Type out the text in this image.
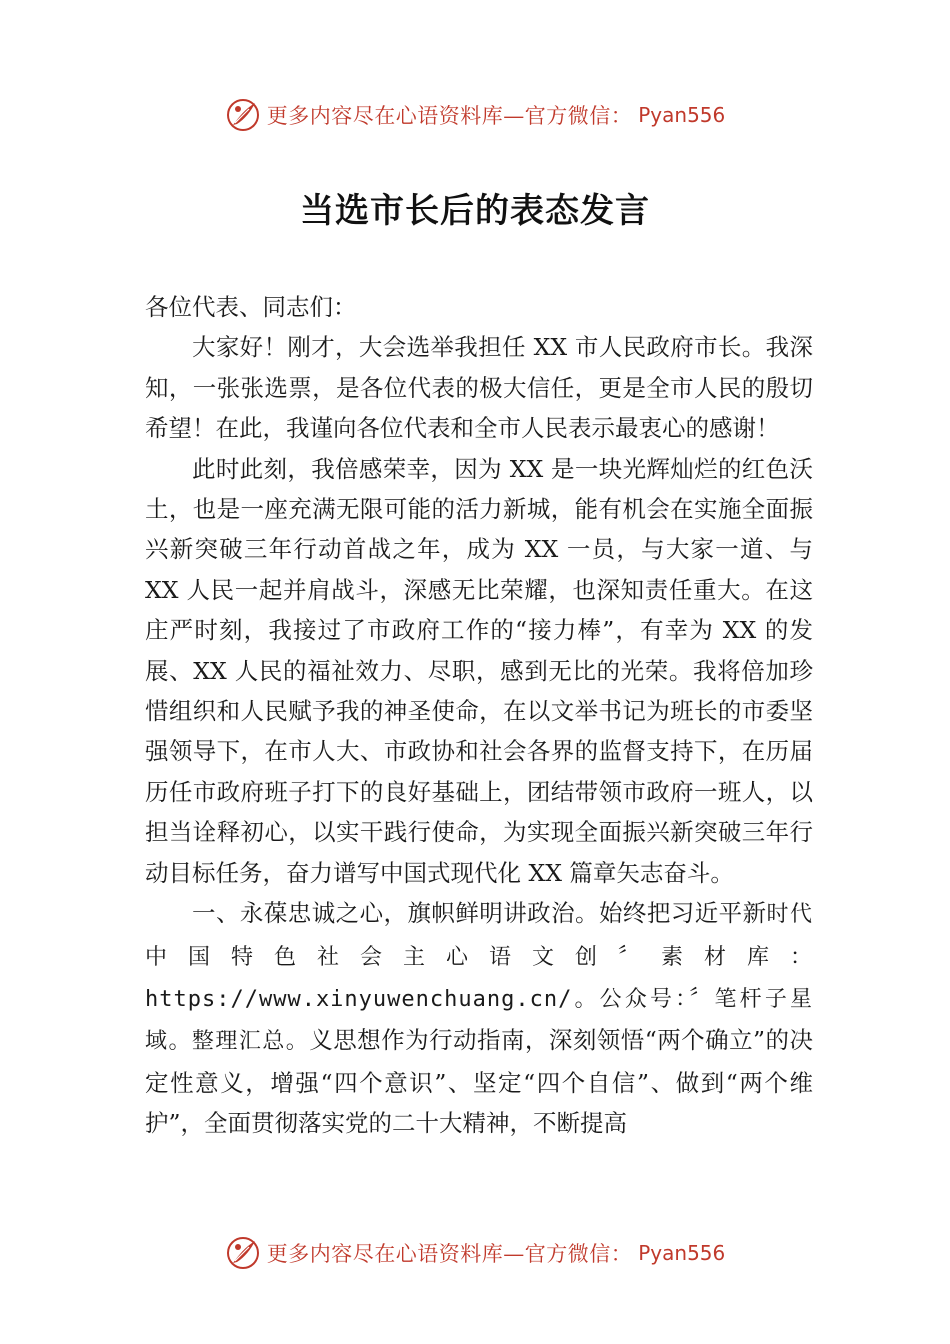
更多内容尽在心语资料库—官方微信： Pyan556
当选市长后的表态发言

各位代表、同志们：

大家好！刚才，大会选举我担任 XX 市人民政府市长。我深知，一张张选票，是各位代表的极大信任，更是全市人民的殷切希望！在此，我谨向各位代表和全市人民表示最衷心的感谢！

此时此刻，我倍感荣幸，因为 XX 是一块光辉灿烂的红色沃土，也是一座充满无限可能的活力新城，能有机会在实施全面振兴新突破三年行动首战之年，成为 XX 一员，与大家一道、与 XX 人民一起并肩战斗，深感无比荣耀，也深知责任重大。在这庄严时刻，我接过了市政府工作的“接力棒”，有幸为 XX 的发展、XX 人民的福祉效力、尽职，感到无比的光荣。我将倍加珍惜组织和人民赋予我的神圣使命，在以文举书记为班长的市委坚强领导下，在市人大、市政协和社会各界的监督支持下，在历届历任市政府班子打下的良好基础上，团结带领市政府一班人，以担当诠释初心，以实干践行使命，为实现全面振兴新突破三年行动目标任务，奋力谱写中国式现代化 XX 篇章矢志奋斗。

一、永葆忠诚之心，旗帜鲜明讲政治。始终把习近平新时代中国特色社会主心语文创〞素材库：https://www.xinyuwenchuang.cn/。公众号：〞笔杆子星域。整理汇总。义思想作为行动指南，深刻领悟“两个确立”的决定性意义，增强“四个意识”、坚定“四个自信”、做到“两个维护”，全面贯彻落实党的二十大精神，不断提高

更多内容尽在心语资料库—官方微信： Pyan556
